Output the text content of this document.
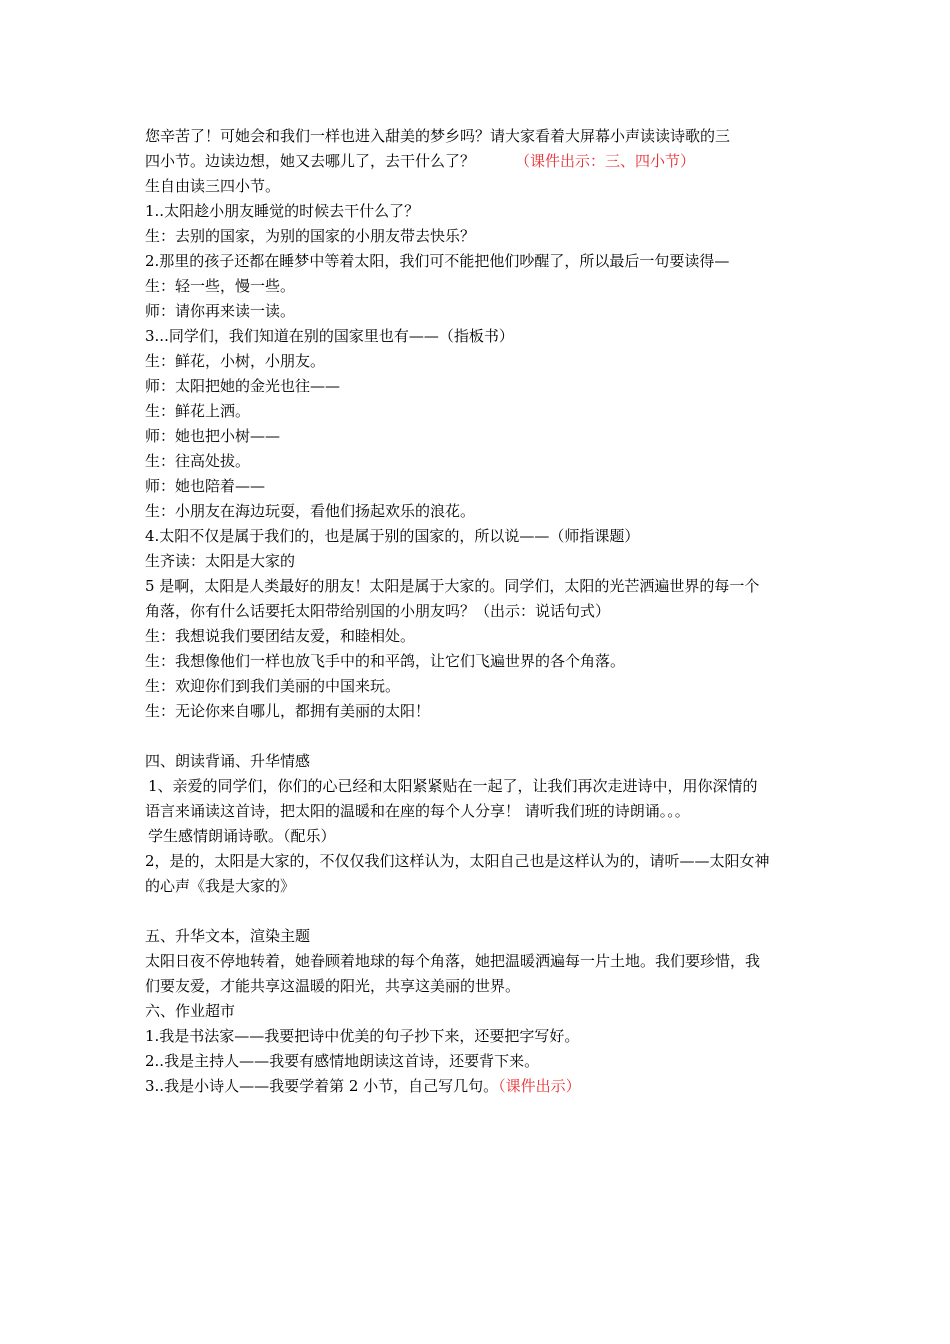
您辛苦了！可她会和我们一样也进入甜美的梦乡吗？请大家看着大屏幕小声读读诗歌的三
四小节。边读边想，她又去哪儿了，去干什么了？	（课件出示：三、四小节）
生自由读三四小节。
1..太阳趁小朋友睡觉的时候去干什么了？
生：去别的国家，为别的国家的小朋友带去快乐？
2.那里的孩子还都在睡梦中等着太阳，我们可不能把他们吵醒了，所以最后一句要读得—
生：轻一些，慢一些。
师：请你再来读一读。
3...同学们，我们知道在别的国家里也有——（指板书）
生：鲜花，小树，小朋友。
师：太阳把她的金光也往——
生：鲜花上洒。
师：她也把小树——
生：往高处拔。
师：她也陪着——
生：小朋友在海边玩耍，看他们扬起欢乐的浪花。
4.太阳不仅是属于我们的，也是属于别的国家的，所以说——（师指课题）
生齐读：太阳是大家的
5 是啊，太阳是人类最好的朋友！太阳是属于大家的。同学们，太阳的光芒洒遍世界的每一个
角落，你有什么话要托太阳带给别国的小朋友吗？（出示：说话句式）
生：我想说我们要团结友爱，和睦相处。
生：我想像他们一样也放飞手中的和平鸽，让它们飞遍世界的各个角落。
生：欢迎你们到我们美丽的中国来玩。
生：无论你来自哪儿，都拥有美丽的太阳！
四、朗读背诵、升华情感
1、亲爱的同学们，你们的心已经和太阳紧紧贴在一起了，让我们再次走进诗中，用你深情的
语言来诵读这首诗，把太阳的温暖和在座的每个人分享！ 请听我们班的诗朗诵。。。
学生感情朗诵诗歌。（配乐）
2，是的，太阳是大家的，不仅仅我们这样认为，太阳自己也是这样认为的，请听——太阳女神
的心声《我是大家的》
五、升华文本，渲染主题
太阳日夜不停地转着，她眷顾着地球的每个角落，她把温暖洒遍每一片土地。我们要珍惜，我
们要友爱，才能共享这温暖的阳光，共享这美丽的世界。
六、作业超市
1.我是书法家——我要把诗中优美的句子抄下来，还要把字写好。
2..我是主持人——我要有感情地朗读这首诗，还要背下来。
3..我是小诗人——我要学着第 2 小节，自己写几句。（课件出示）
